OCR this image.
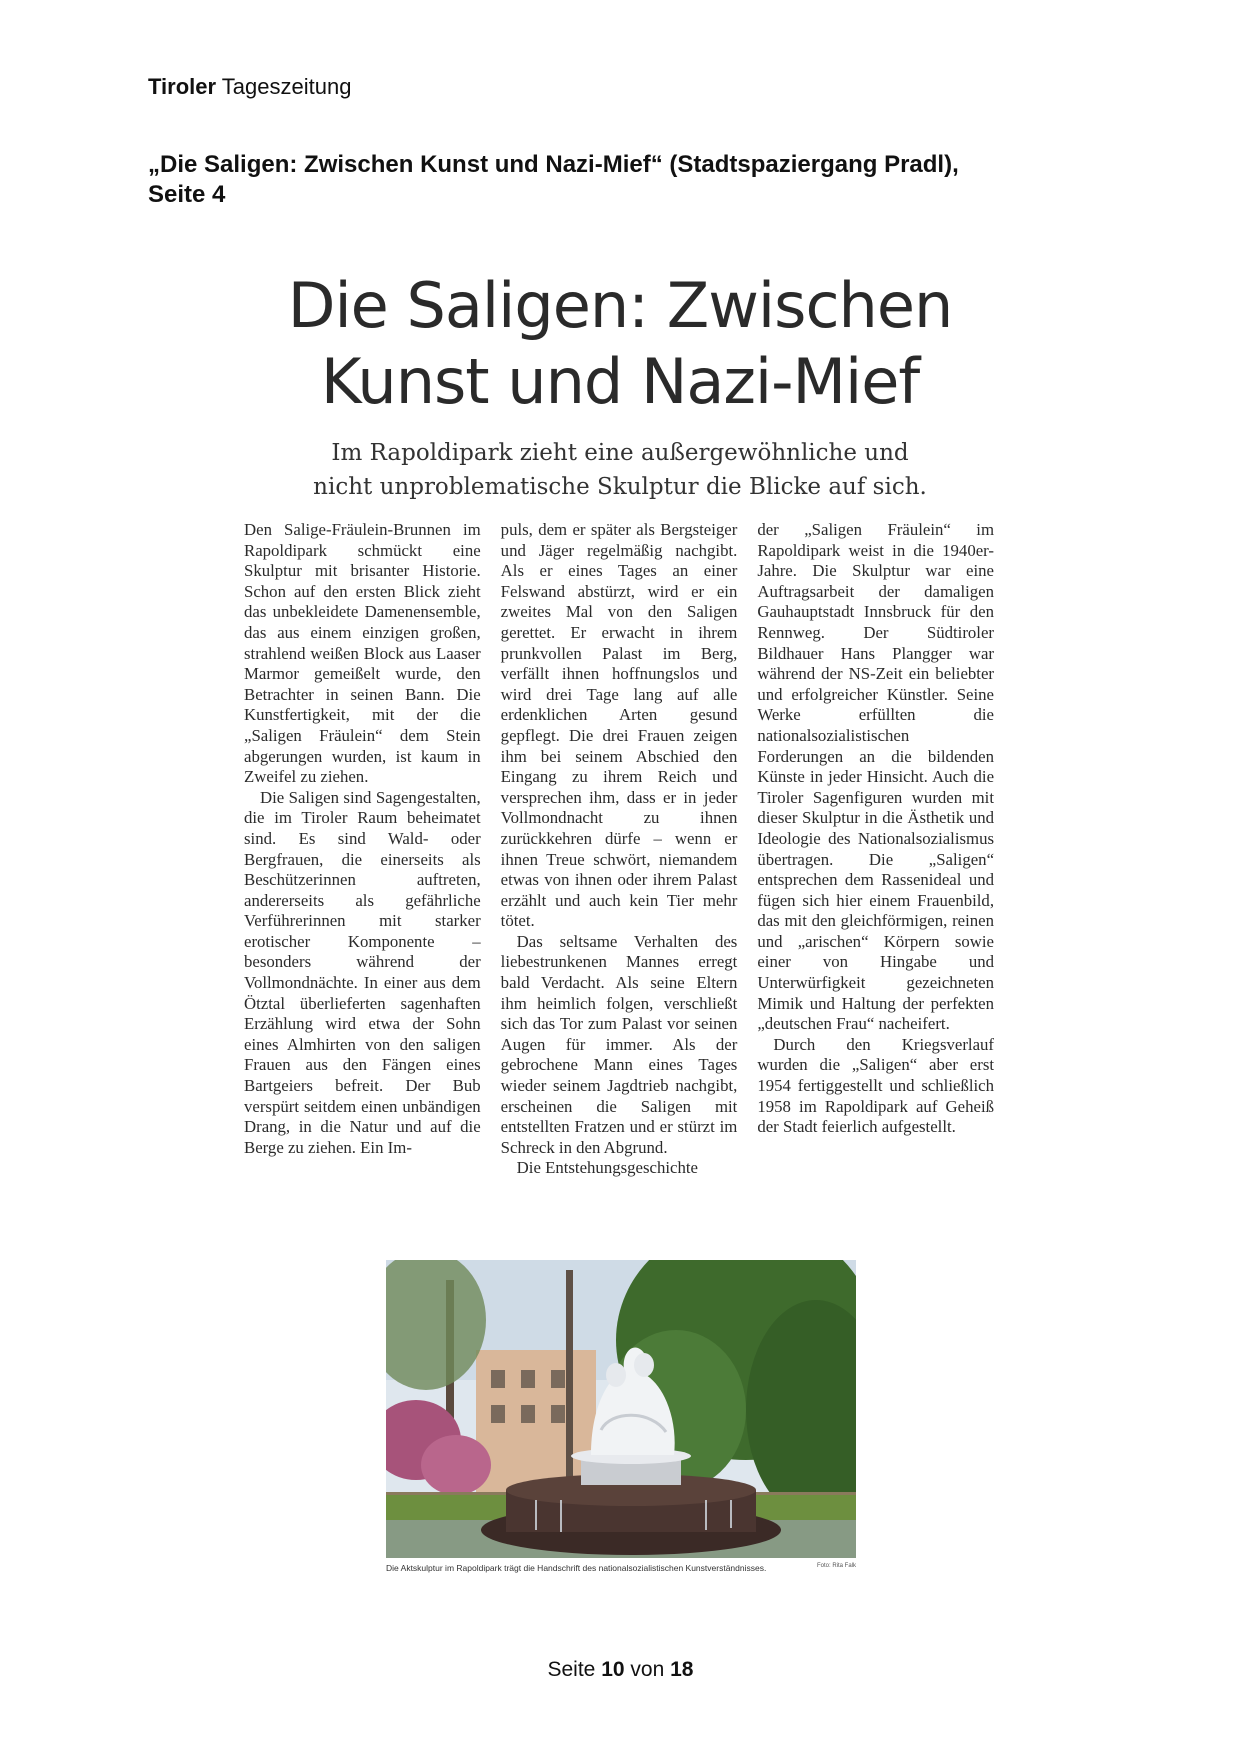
Tiroler Tageszeitung
„Die Saligen: Zwischen Kunst und Nazi-Mief“ (Stadtspaziergang Pradl),
Seite 4
Die Saligen: Zwischen
Kunst und Nazi-Mief

Im Rapoldipark zieht eine außergewöhnliche und
nicht unproblematische Skulptur die Blicke auf sich.

Den Salige-Fräulein-Brunnen im Rapoldipark schmückt eine Skulptur mit brisanter Historie. Schon auf den ersten Blick zieht das unbekleidete Damenensemble, das aus einem einzigen großen, strahlend weißen Block aus Laaser Marmor gemeißelt wurde, den Betrachter in seinen Bann. Die Kunstfertigkeit, mit der die „Saligen Fräulein“ dem Stein abgerungen wurden, ist kaum in Zweifel zu ziehen.

Die Saligen sind Sagengestalten, die im Tiroler Raum beheimatet sind. Es sind Wald- oder Bergfrauen, die einerseits als Beschützerinnen auftreten, andererseits als gefährliche Verführerinnen mit starker erotischer Komponente – besonders während der Vollmondnächte. In einer aus dem Ötztal überlieferten sagenhaften Erzählung wird etwa der Sohn eines Almhirten von den saligen Frauen aus den Fängen eines Bartgeiers befreit. Der Bub verspürt seitdem einen unbändigen Drang, in die Natur und auf die Berge zu ziehen. Ein Im-

puls, dem er später als Bergsteiger und Jäger regelmäßig nachgibt. Als er eines Tages an einer Felswand abstürzt, wird er ein zweites Mal von den Saligen gerettet. Er erwacht in ihrem prunkvollen Palast im Berg, verfällt ihnen hoffnungslos und wird drei Tage lang auf alle erdenklichen Arten gesund gepflegt. Die drei Frauen zeigen ihm bei seinem Abschied den Eingang zu ihrem Reich und versprechen ihm, dass er in jeder Vollmondnacht zu ihnen zurückkehren dürfe – wenn er ihnen Treue schwört, niemandem etwas von ihnen oder ihrem Palast erzählt und auch kein Tier mehr tötet.

Das seltsame Verhalten des liebestrunkenen Mannes erregt bald Verdacht. Als seine Eltern ihm heimlich folgen, verschließt sich das Tor zum Palast vor seinen Augen für immer. Als der gebrochene Mann eines Tages wieder seinem Jagdtrieb nachgibt, erscheinen die Saligen mit entstellten Fratzen und er stürzt im Schreck in den Abgrund.

Die Entstehungsgeschichte

der „Saligen Fräulein“ im Rapoldipark weist in die 1940er-Jahre. Die Skulptur war eine Auftragsarbeit der damaligen Gauhauptstadt Innsbruck für den Rennweg. Der Südtiroler Bildhauer Hans Plangger war während der NS-Zeit ein beliebter und erfolgreicher Künstler. Seine Werke erfüllten die nationalsozialistischen Forderungen an die bildenden Künste in jeder Hinsicht. Auch die Tiroler Sagenfiguren wurden mit dieser Skulptur in die Ästhetik und Ideologie des Nationalsozialismus übertragen. Die „Saligen“ entsprechen dem Rassenideal und fügen sich hier einem Frauenbild, das mit den gleichförmigen, reinen und „arischen“ Körpern sowie einer von Hingabe und Unterwürfigkeit gezeichneten Mimik und Haltung der perfekten „deutschen Frau“ nacheifert.

Durch den Kriegsverlauf wurden die „Saligen“ aber erst 1954 fertiggestellt und schließlich 1958 im Rapoldipark auf Geheiß der Stadt feierlich aufgestellt.

Die Aktskulptur im Rapoldipark trägt die Handschrift des nationalsozialistischen Kunstverständnisses.	Foto: Rita Falk
Seite 10 von 18
